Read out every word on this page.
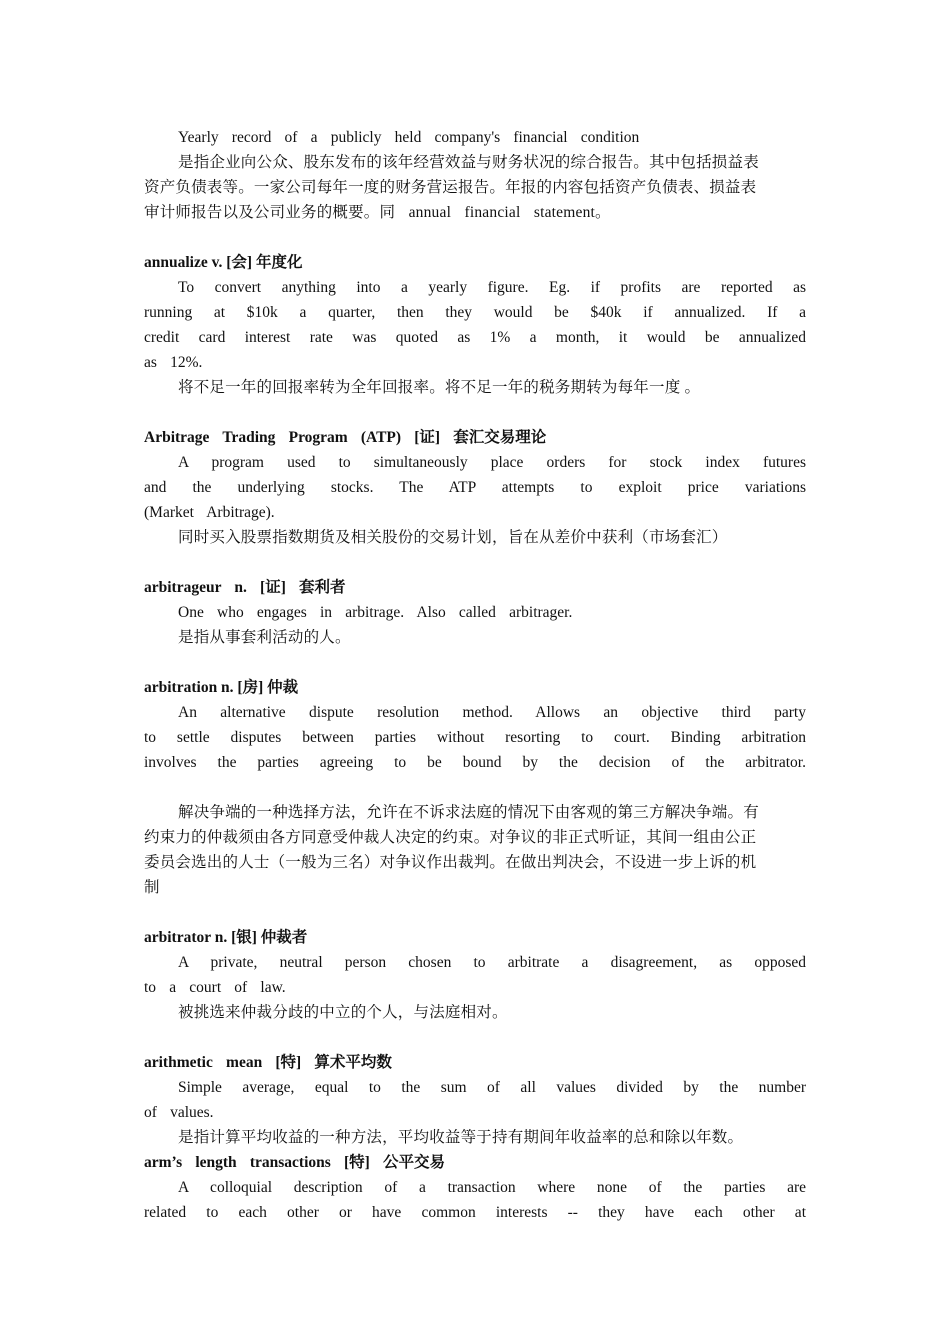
Yearly record of a publicly held company's financial condition

是指企业向公众、股东发布的该年经营效益与财务状况的综合报告。其中包括损益表

资产负债表等。一家公司每年一度的财务营运报告。年报的内容包括资产负债表、损益表

审计师报告以及公司业务的概要。同 annual financial statement。

annualize v. [会] 年度化

To convert anything into a yearly figure. Eg. if profits are reported as

running at $10k a quarter, then they would be $40k if annualized. If a

credit card interest rate was quoted as 1% a month, it would be annualized

as 12%.

将不足一年的回报率转为全年回报率。将不足一年的税务期转为每年一度 。

Arbitrage Trading Program (ATP) [证] 套汇交易理论

A program used to simultaneously place orders for stock index futures

and the underlying stocks. The ATP attempts to exploit price variations

(Market Arbitrage).

同时买入股票指数期货及相关股份的交易计划，旨在从差价中获利（市场套汇）

arbitrageur n. [证] 套利者

One who engages in arbitrage. Also called arbitrager.

是指从事套利活动的人。

arbitration n. [房] 仲裁

An alternative dispute resolution method. Allows an objective third party

to settle disputes between parties without resorting to court. Binding arbitration

involves the parties agreeing to be bound by the decision of the arbitrator.

解决争端的一种选择方法，允许在不诉求法庭的情况下由客观的第三方解决争端。有

约束力的仲裁须由各方同意受仲裁人决定的约束。对争议的非正式听证，其间一组由公正

委员会选出的人士（一般为三名）对争议作出裁判。在做出判决会，不设进一步上诉的机

制

arbitrator n. [银] 仲裁者

A private, neutral person chosen to arbitrate a disagreement, as opposed

to a court of law.

被挑选来仲裁分歧的中立的个人，与法庭相对。

arithmetic mean [特] 算术平均数

Simple average, equal to the sum of all values divided by the number

of values.

是指计算平均收益的一种方法，平均收益等于持有期间年收益率的总和除以年数。

arm’s length transactions [特] 公平交易

A colloquial description of a transaction where none of the parties are

related to each other or have common interests -- they have each other at
